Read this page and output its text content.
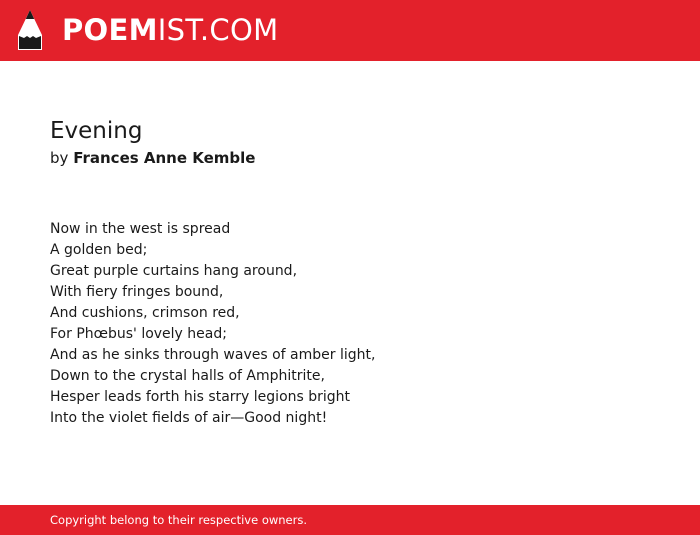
POEMIST.COM
Evening
by Frances Anne Kemble
Now in the west is spread
A golden bed;
Great purple curtains hang around,
With fiery fringes bound,
And cushions, crimson red,
For Phœbus' lovely head;
And as he sinks through waves of amber light,
Down to the crystal halls of Amphitrite,
Hesper leads forth his starry legions bright
Into the violet fields of air—Good night!
Copyright belong to their respective owners.
